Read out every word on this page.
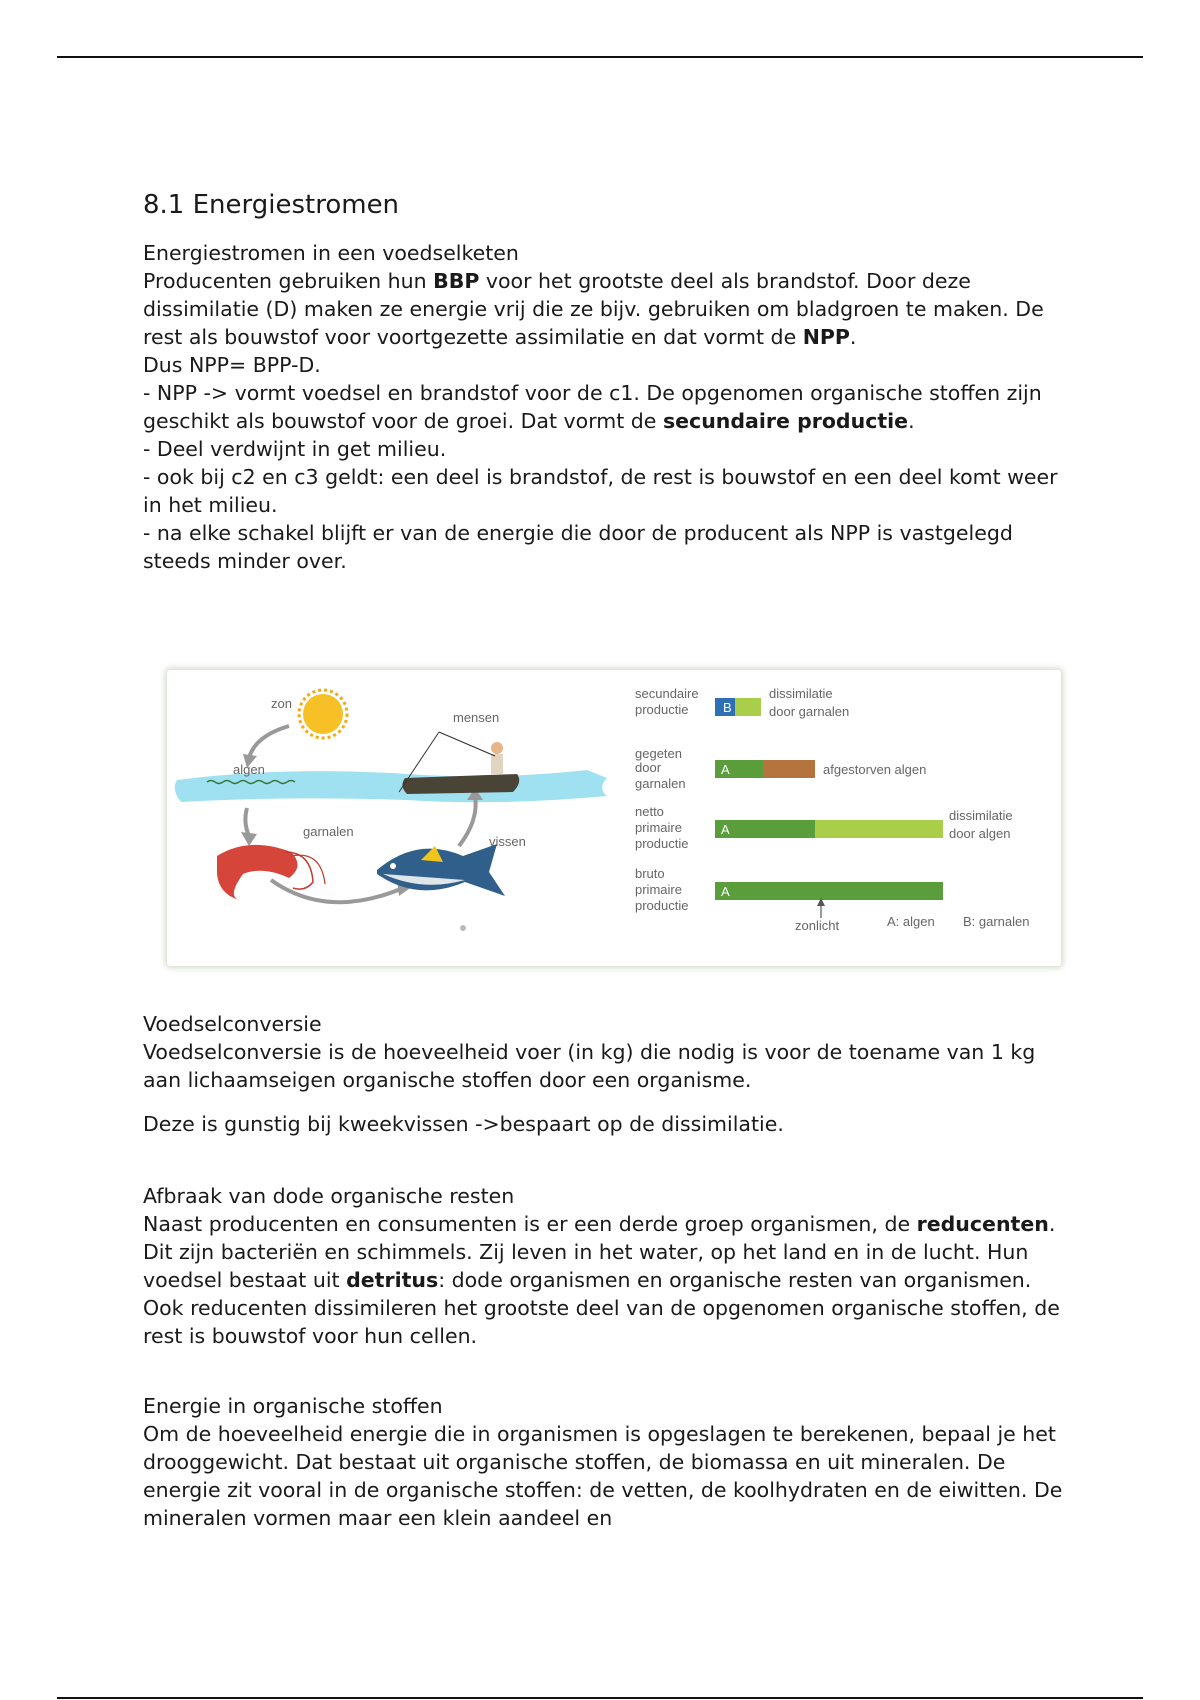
8.1 Energiestromen

Energiestromen in een voedselketen

Producenten gebruiken hun BBP voor het grootste deel als brandstof. Door deze dissimilatie (D) maken ze energie vrij die ze bijv. gebruiken om bladgroen te maken. De rest als bouwstof voor voortgezette assimilatie en dat vormt de NPP.

Dus NPP= BPP-D.

- NPP -> vormt voedsel en brandstof voor de c1. De opgenomen organische stoffen zijn geschikt als bouwstof voor de groei. Dat vormt de secundaire productie.

- Deel verdwijnt in get milieu.

- ook bij c2 en c3 geldt: een deel is brandstof, de rest is bouwstof en een deel komt weer in het milieu.

- na elke schakel blijft er van de energie die door de producent als NPP is vastgelegd steeds minder over.

zon
algen
mensen
garnalen
vissen
secundaire
productie	B
dissimilatie
door garnalen
gegeten
door
garnalen
A	afgestorven algen
netto
primaire
productie
A
dissimilatie
door algen
bruto
primaire
productie
A
zonlicht	A: algen B: garnalen

Voedselconversie

Voedselconversie is de hoeveelheid voer (in kg) die nodig is voor de toename van 1 kg aan lichaamseigen organische stoffen door een organisme.

Deze is gunstig bij kweekvissen ->bespaart op de dissimilatie.

Afbraak van dode organische resten

Naast producenten en consumenten is er een derde groep organismen, de reducenten. Dit zijn bacteriën en schimmels. Zij leven in het water, op het land en in de lucht. Hun voedsel bestaat uit detritus: dode organismen en organische resten van organismen. Ook reducenten dissimileren het grootste deel van de opgenomen organische stoffen, de rest is bouwstof voor hun cellen.

Energie in organische stoffen

Om de hoeveelheid energie die in organismen is opgeslagen te berekenen, bepaal je het drooggewicht. Dat bestaat uit organische stoffen, de biomassa en uit mineralen. De energie zit vooral in de organische stoffen: de vetten, de koolhydraten en de eiwitten. De mineralen vormen maar een klein aandeel en
